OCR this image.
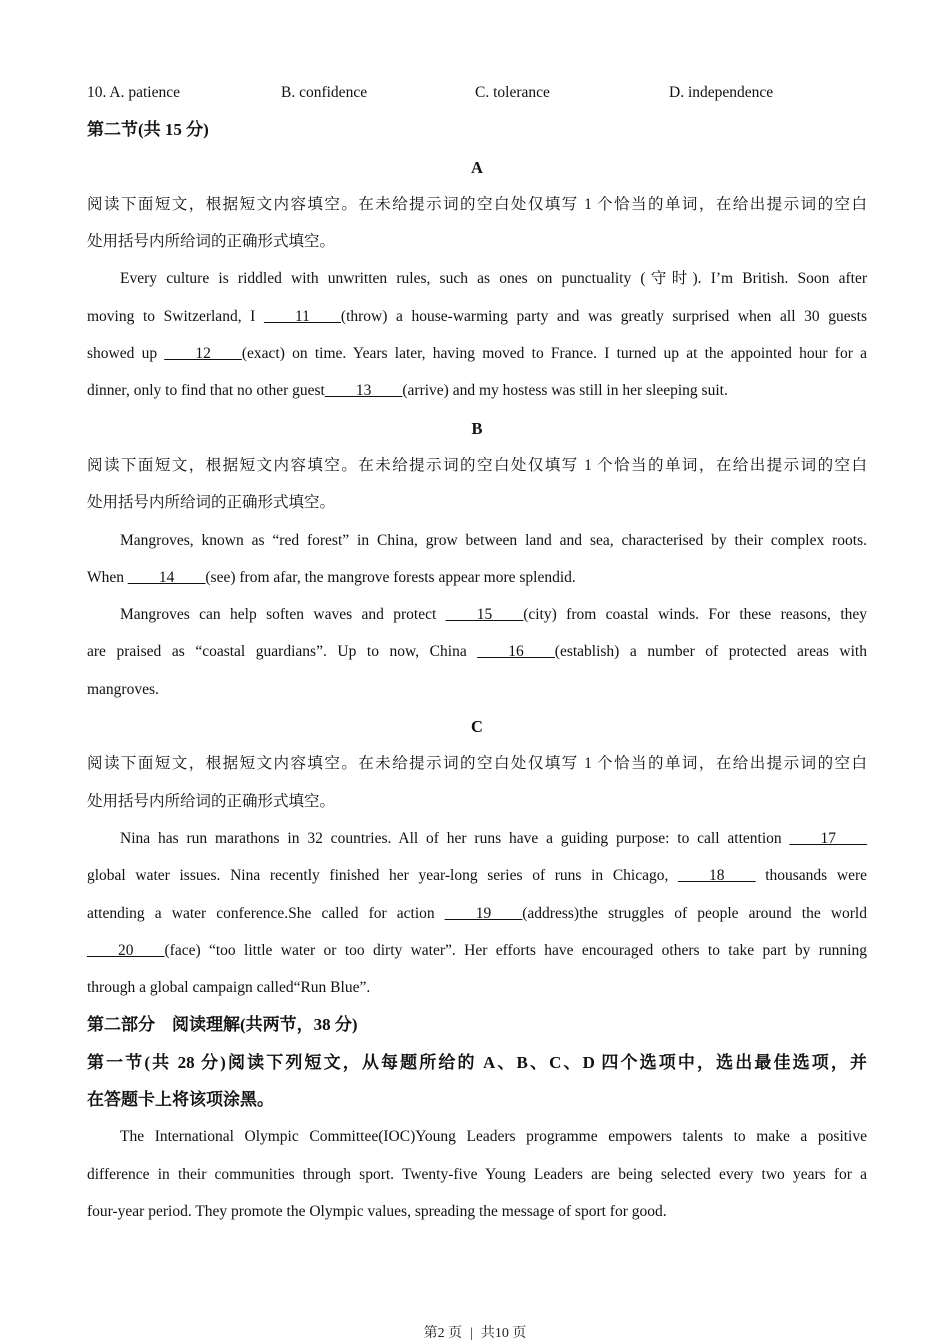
10. A. patience	B. confidence	C. tolerance	D. independence
第二节(共 15 分)
A
阅读下面短文，根据短文内容填空。在未给提示词的空白处仅填写 1 个恰当的单词，在给出提示词的空白
处用括号内所给词的正确形式填空。
Every culture is riddled with unwritten rules, such as ones on punctuality (守时). I’m British. Soon after
moving to Switzerland, I ____11____(throw) a house-warming party and was greatly surprised when all 30 guests
showed up ____12____(exact) on time. Years later, having moved to France. I turned up at the appointed hour for a
dinner, only to find that no other guest____13____(arrive) and my hostess was still in her sleeping suit.
B
阅读下面短文，根据短文内容填空。在未给提示词的空白处仅填写 1 个恰当的单词，在给出提示词的空白
处用括号内所给词的正确形式填空。
Mangroves, known as “red forest” in China, grow between land and sea, characterised by their complex roots.
When ____14____(see) from afar, the mangrove forests appear more splendid.
Mangroves can help soften waves and protect ____15____(city) from coastal winds. For these reasons, they
are praised as “coastal guardians”. Up to now, China ____16____(establish) a number of protected areas with
mangroves.
C
阅读下面短文，根据短文内容填空。在未给提示词的空白处仅填写 1 个恰当的单词，在给出提示词的空白
处用括号内所给词的正确形式填空。
Nina has run marathons in 32 countries. All of her runs have a guiding purpose: to call attention ____17____
global water issues. Nina recently finished her year-long series of runs in Chicago, ____18____ thousands were
attending a water conference.She called for action ____19____(address)the struggles of people around the world
____20____(face) “too little water or too dirty water”. Her efforts have encouraged others to take part by running
through a global campaign called“Run Blue”.
第二部分　阅读理解(共两节，38 分)
第一节(共 28 分)阅读下列短文，从每题所给的 A、B、C、D 四个选项中，选出最佳选项，并
在答题卡上将该项涂黑。
The International Olympic Committee(IOC)Young Leaders programme empowers talents to make a positive
difference in their communities through sport. Twenty-five Young Leaders are being selected every two years for a
four-year period. They promote the Olympic values, spreading the message of sport for good.
第2 页 | 共10 页
